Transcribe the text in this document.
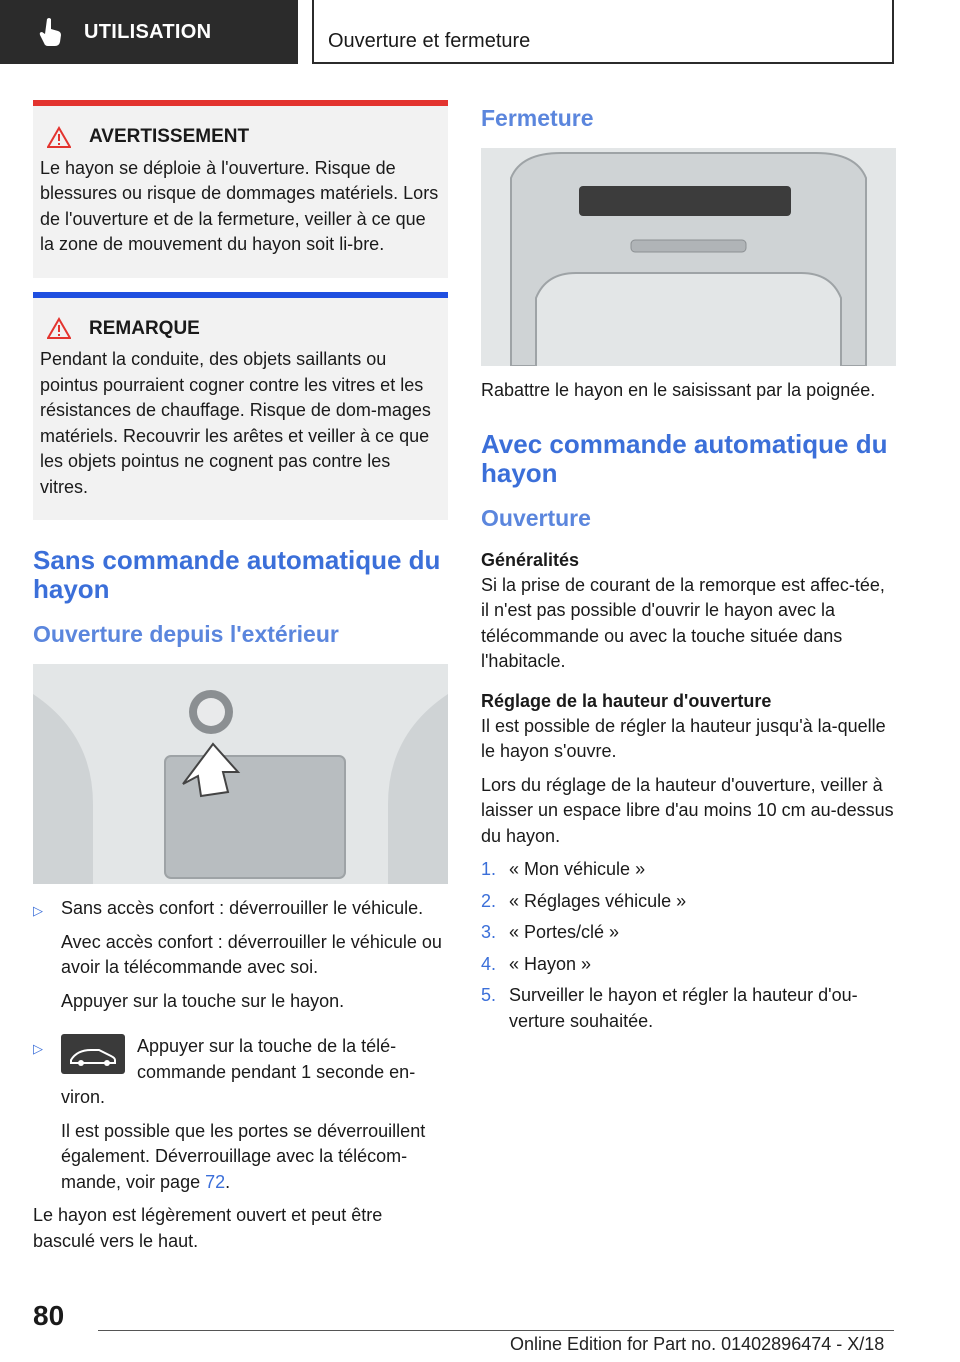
UTILISATION	Ouverture et fermeture
AVERTISSEMENT

Le hayon se déploie à l'ouverture. Risque de blessures ou risque de dommages matériels. Lors de l'ouverture et de la fermeture, veiller à ce que la zone de mouvement du hayon soit li‐bre.

REMARQUE

Pendant la conduite, des objets saillants ou pointus pourraient cogner contre les vitres et les résistances de chauffage. Risque de dom‐mages matériels. Recouvrir les arêtes et veiller à ce que les objets pointus ne cognent pas contre les vitres.

Sans commande automatique du hayon
Ouverture depuis l'extérieur
▷	Sans accès confort : déverrouiller le véhicule.

Avec accès confort : déverrouiller le véhicule ou avoir la télécommande avec soi.

Appuyer sur la touche sur le hayon.

▷	Appuyer sur la touche de la télé‐commande pendant 1 seconde en‐viron.

Il est possible que les portes se déverrouillent également. Déverrouillage avec la télécom‐mande, voir page 72.

Le hayon est légèrement ouvert et peut être basculé vers le haut.

Fermeture

Rabattre le hayon en le saisissant par la poignée.

Avec commande automatique du hayon
Ouverture
Généralités

Si la prise de courant de la remorque est affec‐tée, il n'est pas possible d'ouvrir le hayon avec la télécommande ou avec la touche située dans l'habitacle.

Réglage de la hauteur d'ouverture

Il est possible de régler la hauteur jusqu'à la‐quelle le hayon s'ouvre.

Lors du réglage de la hauteur d'ouverture, veiller à laisser un espace libre d'au moins 10 cm au-dessus du hayon.

1. « Mon véhicule »
2. « Réglages véhicule »
3. « Portes/clé »
4. « Hayon »
5. Surveiller le hayon et régler la hauteur d'ou‐verture souhaitée.
80
Online Edition for Part no. 01402896474 - X/18
